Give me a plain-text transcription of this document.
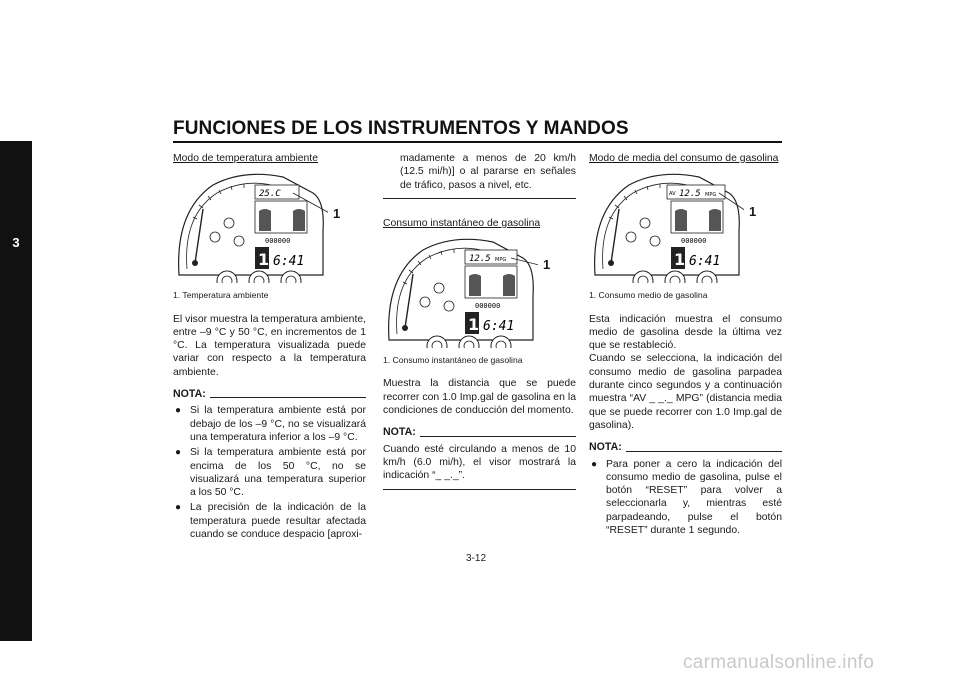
FUNCIONES DE LOS INSTRUMENTOS Y MANDOS
3
Modo de temperatura ambiente
25.C
000000
1 6:41
1
1. Temperatura ambiente
El visor muestra la temperatura ambiente, entre –9 °C y 50 °C, en incrementos de 1 °C. La temperatura visualizada puede variar con respecto a la temperatura ambiente.
NOTA:
● Si la temperatura ambiente está por debajo de los –9 °C, no se visualizará una temperatura inferior a los –9 °C.
● Si la temperatura ambiente está por encima de los 50 °C, no se visualizará una temperatura superior a los 50 °C.
● La precisión de la indicación de la temperatura puede resultar afectada cuando se conduce despacio [aproxi-
madamente a menos de 20 km/h (12.5 mi/h)] o al pararse en señales de tráfico, pasos a nivel, etc.
Consumo instantáneo de gasolina
12.5 MPG
000000
1 6:41
1
1. Consumo instantáneo de gasolina
Muestra la distancia que se puede recorrer con 1.0 Imp.gal de gasolina en la condiciones de conducción del momento.
NOTA:
Cuando esté circulando a menos de 10 km/h (6.0 mi/h), el visor mostrará la indicación “_ _._”.
Modo de media del consumo de gasolina
AV 12.5 MPG
000000
1 6:41
1
1. Consumo medio de gasolina
Esta indicación muestra el consumo medio de gasolina desde la última vez que se restableció.
Cuando se selecciona, la indicación del consumo medio de gasolina parpadea durante cinco segundos y a continuación muestra “AV _ _._ MPG” (distancia media que se puede recorrer con 1.0 Imp.gal de gasolina).
NOTA:
● Para poner a cero la indicación del consumo medio de gasolina, pulse el botón “RESET” para volver a seleccionarla y, mientras esté parpadeando, pulse el botón “RESET” durante 1 segundo.
3-12
carmanualsonline.info
